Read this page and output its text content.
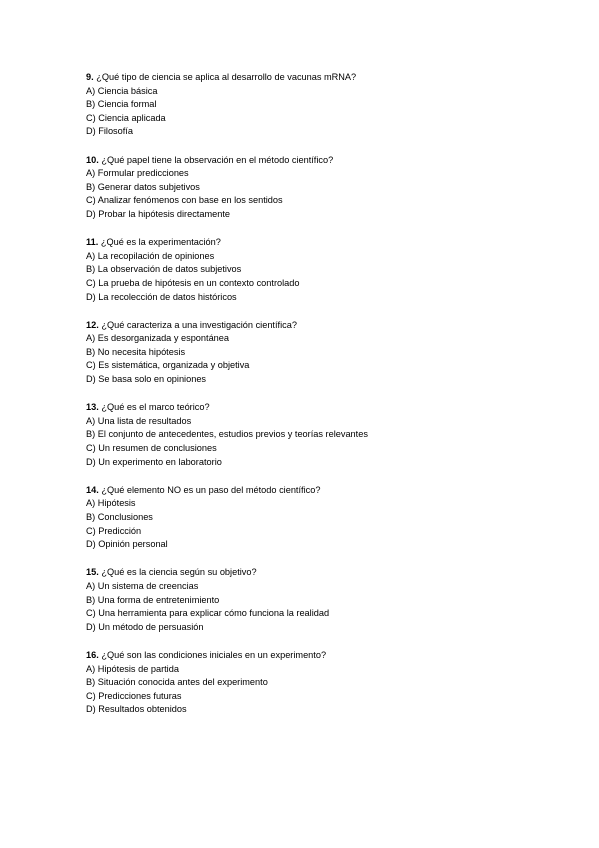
9. ¿Qué tipo de ciencia se aplica al desarrollo de vacunas mRNA?
A) Ciencia básica
B) Ciencia formal
C) Ciencia aplicada
D) Filosofía
10. ¿Qué papel tiene la observación en el método científico?
A) Formular predicciones
B) Generar datos subjetivos
C) Analizar fenómenos con base en los sentidos
D) Probar la hipótesis directamente
11. ¿Qué es la experimentación?
A) La recopilación de opiniones
B) La observación de datos subjetivos
C) La prueba de hipótesis en un contexto controlado
D) La recolección de datos históricos
12. ¿Qué caracteriza a una investigación científica?
A) Es desorganizada y espontánea
B) No necesita hipótesis
C) Es sistemática, organizada y objetiva
D) Se basa solo en opiniones
13. ¿Qué es el marco teórico?
A) Una lista de resultados
B) El conjunto de antecedentes, estudios previos y teorías relevantes
C) Un resumen de conclusiones
D) Un experimento en laboratorio
14. ¿Qué elemento NO es un paso del método científico?
A) Hipótesis
B) Conclusiones
C) Predicción
D) Opinión personal
15. ¿Qué es la ciencia según su objetivo?
A) Un sistema de creencias
B) Una forma de entretenimiento
C) Una herramienta para explicar cómo funciona la realidad
D) Un método de persuasión
16. ¿Qué son las condiciones iniciales en un experimento?
A) Hipótesis de partida
B) Situación conocida antes del experimento
C) Predicciones futuras
D) Resultados obtenidos
